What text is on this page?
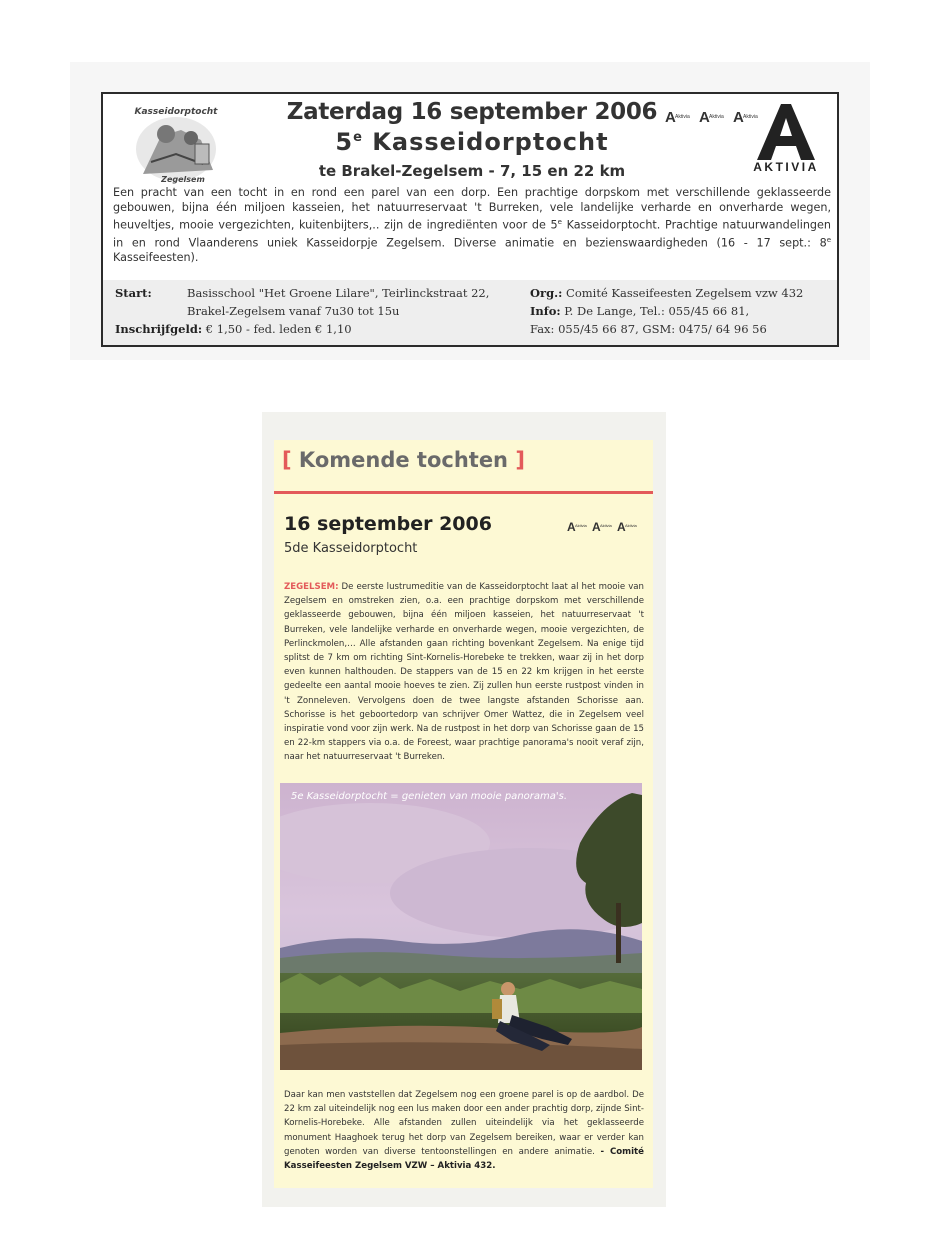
Kasseidorptocht
Zegelsem
Zaterdag 16 september 2006
5e Kasseidorptocht
te Brakel-Zegelsem - 7, 15 en 22 km
A Aktivia A Aktivia A Aktivia
AKTIVIA
Een pracht van een tocht in en rond een parel van een dorp. Een prachtige dorpskom met verschillende geklasseerde gebouwen, bijna één miljoen kasseien, het natuurreservaat 't Burreken, vele landelijke verharde en onverharde wegen, heuveltjes, mooie vergezichten, kuitenbijters,.. zijn de ingrediënten voor de 5e Kasseidorptocht. Prachtige natuurwandelingen in en rond Vlaanderens uniek Kasseidorpje Zegelsem. Diverse animatie en bezienswaardigheden (16 - 17 sept.: 8e Kasseifeesten).
Start:	Basisschool "Het Groene Lilare", Teirlinckstraat 22,
Brakel-Zegelsem vanaf 7u30 tot 15u
Inschrijfgeld: € 1,50 - fed. leden € 1,10
Org.: Comité Kasseifeesten Zegelsem vzw 432
Info: P. De Lange, Tel.: 055/45 66 81,
Fax: 055/45 66 87, GSM: 0475/ 64 96 56
[ Komende tochten ]
16 september 2006
5de Kasseidorptocht
A Aktivia A Aktivia A Aktivia
ZEGELSEM: De eerste lustrumeditie van de Kasseidorptocht laat al het mooie van Zegelsem en omstreken zien, o.a. een prachtige dorpskom met verschillende geklasseerde gebouwen, bijna één miljoen kasseien, het natuurreservaat 't Burreken, vele landelijke verharde en onverharde wegen, mooie vergezichten, de Perlinckmolen,… Alle afstanden gaan richting bovenkant Zegelsem. Na enige tijd splitst de 7 km om richting Sint-Kornelis-Horebeke te trekken, waar zij in het dorp even kunnen halthouden. De stappers van de 15 en 22 km krijgen in het eerste gedeelte een aantal mooie hoeves te zien. Zij zullen hun eerste rustpost vinden in 't Zonneleven. Vervolgens doen de twee langste afstanden Schorisse aan. Schorisse is het geboortedorp van schrijver Omer Wattez, die in Zegelsem veel inspiratie vond voor zijn werk. Na de rustpost in het dorp van Schorisse gaan de 15 en 22-km stappers via o.a. de Foreest, waar prachtige panorama's nooit veraf zijn, naar het natuurreservaat 't Burreken.
5e Kasseidorptocht = genieten van mooie panorama's.
Daar kan men vaststellen dat Zegelsem nog een groene parel is op de aardbol. De 22 km zal uiteindelijk nog een lus maken door een ander prachtig dorp, zijnde Sint-Kornelis-Horebeke. Alle afstanden zullen uiteindelijk via het geklasseerde monument Haaghoek terug het dorp van Zegelsem bereiken, waar er verder kan genoten worden van diverse tentoonstellingen en andere animatie. - Comité Kasseifeesten Zegelsem VZW – Aktivia 432.
